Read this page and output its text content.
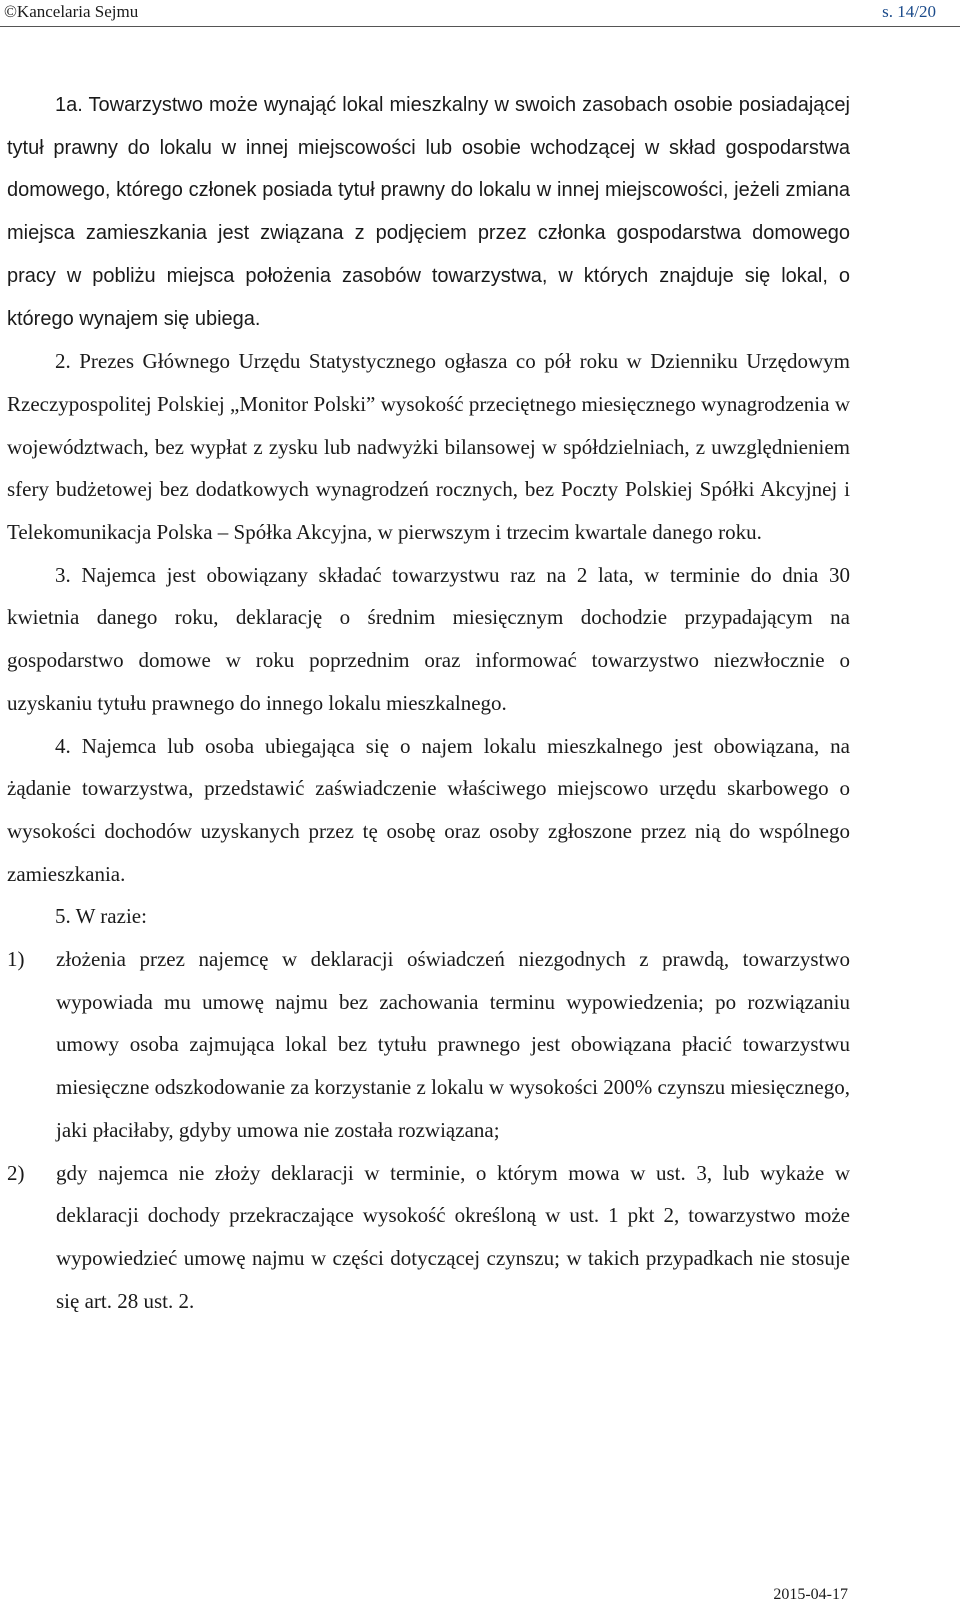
©Kancelaria Sejmu	s. 14/20

1a. Towarzystwo może wynająć lokal mieszkalny w swoich zasobach osobie posiadającej tytuł prawny do lokalu w innej miejscowości lub osobie wchodzącej w skład gospodarstwa domowego, którego członek posiada tytuł prawny do lokalu w innej miejscowości, jeżeli zmiana miejsca zamieszkania jest związana z podjęciem przez członka gospodarstwa domowego pracy w pobliżu miejsca położenia zasobów towarzystwa, w których znajduje się lokal, o którego wynajem się ubiega.

2. Prezes Głównego Urzędu Statystycznego ogłasza co pół roku w Dzienniku Urzędowym Rzeczypospolitej Polskiej „Monitor Polski” wysokość przeciętnego miesięcznego wynagrodzenia w województwach, bez wypłat z zysku lub nadwyżki bilansowej w spółdzielniach, z uwzględnieniem sfery budżetowej bez dodatkowych wynagrodzeń rocznych, bez Poczty Polskiej Spółki Akcyjnej i Telekomunikacja Polska – Spółka Akcyjna, w pierwszym i trzecim kwartale danego roku.

3. Najemca jest obowiązany składać towarzystwu raz na 2 lata, w terminie do dnia 30 kwietnia danego roku, deklarację o średnim miesięcznym dochodzie przypadającym na gospodarstwo domowe w roku poprzednim oraz informować towarzystwo niezwłocznie o uzyskaniu tytułu prawnego do innego lokalu mieszkalnego.

4. Najemca lub osoba ubiegająca się o najem lokalu mieszkalnego jest obowiązana, na żądanie towarzystwa, przedstawić zaświadczenie właściwego miejscowo urzędu skarbowego o wysokości dochodów uzyskanych przez tę osobę oraz osoby zgłoszone przez nią do wspólnego zamieszkania.

5. W razie:

1) złożenia przez najemcę w deklaracji oświadczeń niezgodnych z prawdą, towarzystwo wypowiada mu umowę najmu bez zachowania terminu wypowiedzenia; po rozwiązaniu umowy osoba zajmująca lokal bez tytułu prawnego jest obowiązana płacić towarzystwu miesięczne odszkodowanie za korzystanie z lokalu w wysokości 200% czynszu miesięcznego, jaki płaciłaby, gdyby umowa nie została rozwiązana;

2) gdy najemca nie złoży deklaracji w terminie, o którym mowa w ust. 3, lub wykaże w deklaracji dochody przekraczające wysokość określoną w ust. 1 pkt 2, towarzystwo może wypowiedzieć umowę najmu w części dotyczącej czynszu; w takich przypadkach nie stosuje się art. 28 ust. 2.

2015-04-17
